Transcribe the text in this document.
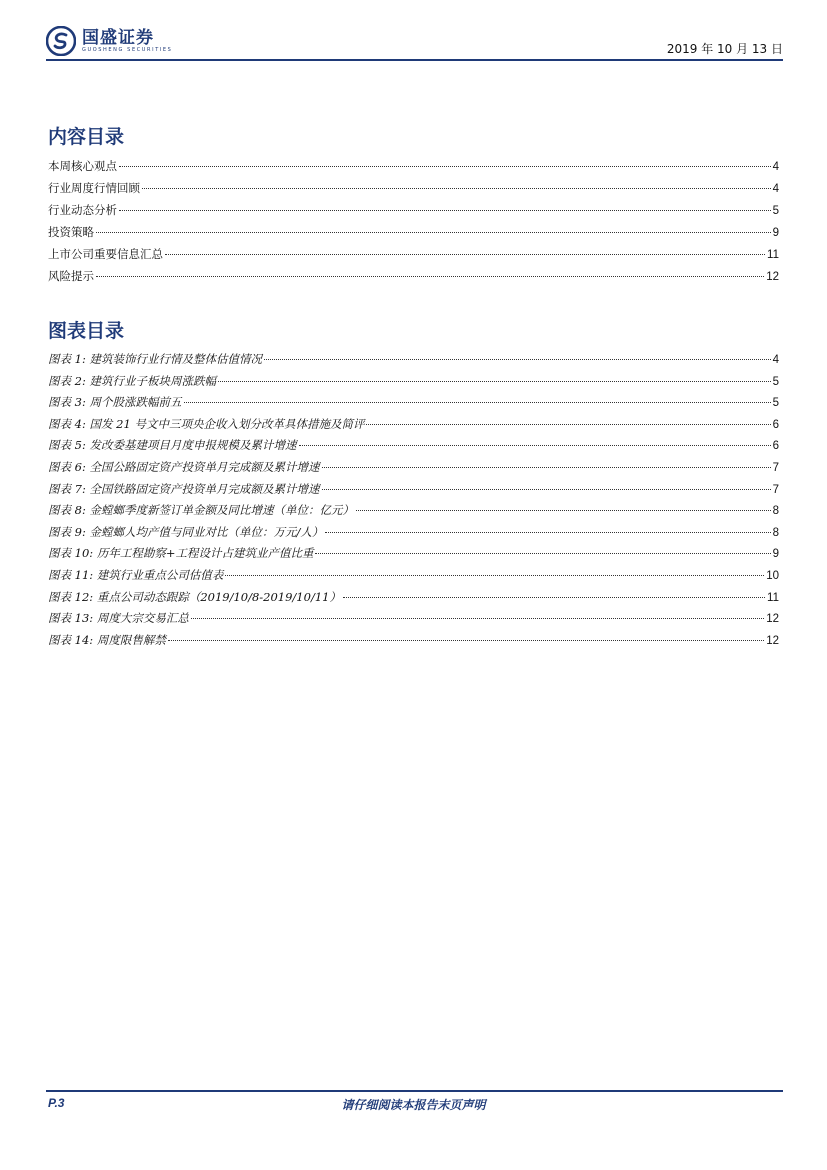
国盛证券
GUOSHENG SECURITIES	2019 年 10 月 13 日
内容目录
本周核心观点	4
行业周度行情回顾	4
行业动态分析	5
投资策略	9
上市公司重要信息汇总	11
风险提示	12
图表目录
图表 1: 建筑装饰行业行情及整体估值情况	4
图表 2: 建筑行业子板块周涨跌幅	5
图表 3: 周个股涨跌幅前五	5
图表 4: 国发 21 号文中三项央企收入划分改革具体措施及简评	6
图表 5: 发改委基建项目月度申报规模及累计增速	6
图表 6: 全国公路固定资产投资单月完成额及累计增速	7
图表 7: 全国铁路固定资产投资单月完成额及累计增速	7
图表 8: 金螳螂季度新签订单金额及同比增速（单位：亿元）	8
图表 9: 金螳螂人均产值与同业对比（单位：万元/人）	8
图表 10: 历年工程勘察+工程设计占建筑业产值比重	9
图表 11: 建筑行业重点公司估值表	10
图表 12: 重点公司动态跟踪（2019/10/8-2019/10/11）	11
图表 13: 周度大宗交易汇总	12
图表 14: 周度限售解禁	12
P.3	请仔细阅读本报告末页声明
